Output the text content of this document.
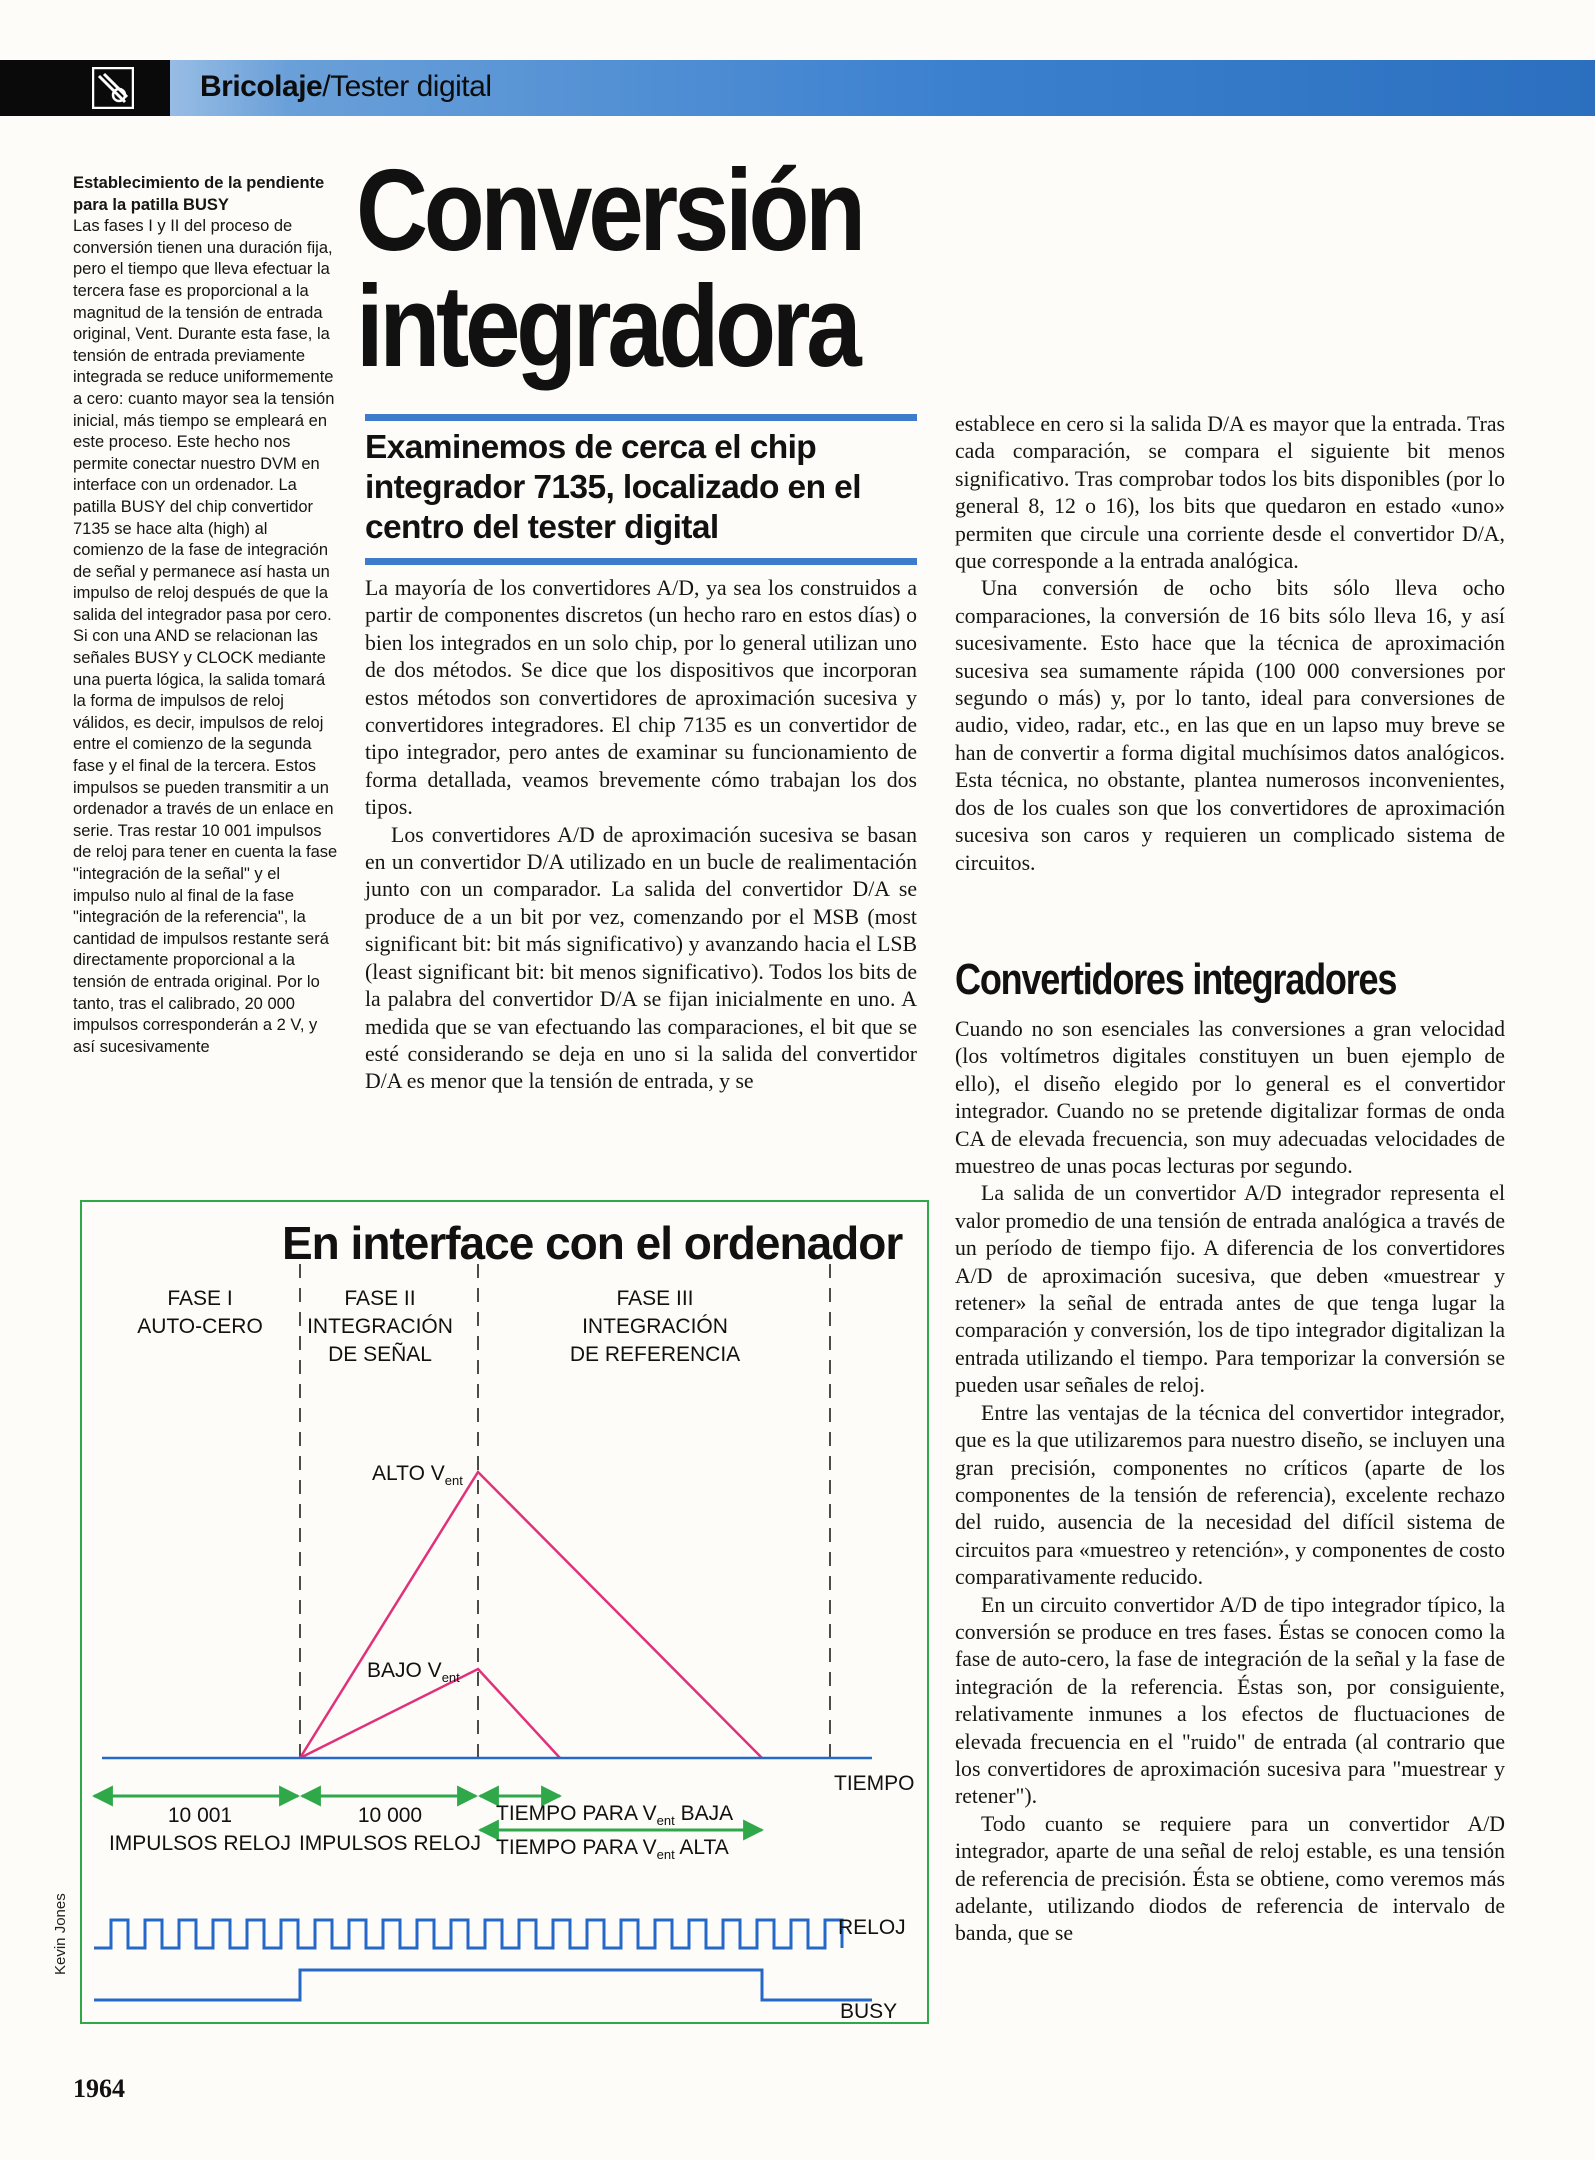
Bricolaje/Tester digital
Establecimiento de la pendiente para la patilla BUSY
Las fases I y II del proceso de conversión tienen una duración fija, pero el tiempo que lleva efectuar la tercera fase es proporcional a la magnitud de la tensión de entrada original, Vent. Durante esta fase, la tensión de entrada previamente integrada se reduce uniformemente a cero: cuanto mayor sea la tensión inicial, más tiempo se empleará en este proceso. Este hecho nos permite conectar nuestro DVM en interface con un ordenador. La patilla BUSY del chip convertidor 7135 se hace alta (high) al comienzo de la fase de integración de señal y permanece así hasta un impulso de reloj después de que la salida del integrador pasa por cero. Si con una AND se relacionan las señales BUSY y CLOCK mediante una puerta lógica, la salida tomará la forma de impulsos de reloj válidos, es decir, impulsos de reloj entre el comienzo de la segunda fase y el final de la tercera. Estos impulsos se pueden transmitir a un ordenador a través de un enlace en serie. Tras restar 10 001 impulsos de reloj para tener en cuenta la fase "integración de la señal" y el impulso nulo al final de la fase "integración de la referencia", la cantidad de impulsos restante será directamente proporcional a la tensión de entrada original. Por lo tanto, tras el calibrado, 20 000 impulsos corresponderán a 2 V, y así sucesivamente
Conversión
integradora
Examinemos de cerca el chip integrador 7135, localizado en el centro del tester digital

La mayoría de los convertidores A/D, ya sea los construidos a partir de componentes discretos (un hecho raro en estos días) o bien los integrados en un solo chip, por lo general utilizan uno de dos métodos. Se dice que los dispositivos que incorporan estos métodos son convertidores de aproximación sucesiva y convertidores integradores. El chip 7135 es un convertidor de tipo integrador, pero antes de examinar su funcionamiento de forma detallada, veamos brevemente cómo trabajan los dos tipos.

Los convertidores A/D de aproximación sucesiva se basan en un convertidor D/A utilizado en un bucle de realimentación junto con un comparador. La salida del convertidor D/A se produce de a un bit por vez, comenzando por el MSB (most significant bit: bit más significativo) y avanzando hacia el LSB (least significant bit: bit menos significativo). Todos los bits de la palabra del convertidor D/A se fijan inicialmente en uno. A medida que se van efectuando las comparaciones, el bit que se esté considerando se deja en uno si la salida del convertidor D/A es menor que la tensión de entrada, y se

establece en cero si la salida D/A es mayor que la entrada. Tras cada comparación, se compara el siguiente bit menos significativo. Tras comprobar todos los bits disponibles (por lo general 8, 12 o 16), los bits que quedaron en estado «uno» permiten que circule una corriente desde el convertidor D/A, que corresponde a la entrada analógica.

Una conversión de ocho bits sólo lleva ocho comparaciones, la conversión de 16 bits sólo lleva 16, y así sucesivamente. Esto hace que la técnica de aproximación sucesiva sea sumamente rápida (100 000 conversiones por segundo o más) y, por lo tanto, ideal para conversiones de audio, video, radar, etc., en las que en un lapso muy breve se han de convertir a forma digital muchísimos datos analógicos. Esta técnica, no obstante, plantea numerosos inconvenientes, dos de los cuales son que los convertidores de aproximación sucesiva son caros y requieren un complicado sistema de circuitos.

Convertidores integradores

Cuando no son esenciales las conversiones a gran velocidad (los voltímetros digitales constituyen un buen ejemplo de ello), el diseño elegido por lo general es el convertidor integrador. Cuando no se pretende digitalizar formas de onda CA de elevada frecuencia, son muy adecuadas velocidades de muestreo de unas pocas lecturas por segundo.

La salida de un convertidor A/D integrador representa el valor promedio de una tensión de entrada analógica a través de un período de tiempo fijo. A diferencia de los convertidores A/D de aproximación sucesiva, que deben «muestrear y retener» la señal de entrada antes de que tenga lugar la comparación y conversión, los de tipo integrador digitalizan la entrada utilizando el tiempo. Para temporizar la conversión se pueden usar señales de reloj.

Entre las ventajas de la técnica del convertidor integrador, que es la que utilizaremos para nuestro diseño, se incluyen una gran precisión, componentes no críticos (aparte de los componentes de la tensión de referencia), excelente rechazo del ruido, ausencia de la necesidad del difícil sistema de circuitos para «muestreo y retención», y componentes de costo comparativamente reducido.

En un circuito convertidor A/D de tipo integrador típico, la conversión se produce en tres fases. Éstas se conocen como la fase de auto-cero, la fase de integración de la señal y la fase de integración de la referencia. Éstas son, por consiguiente, relativamente inmunes a los efectos de fluctuaciones de elevada frecuencia en el "ruido" de entrada (al contrario que los convertidores de aproximación sucesiva para "muestrear y retener").

Todo cuanto se requiere para un convertidor A/D integrador, aparte de una señal de reloj estable, es una tensión de referencia de precisión. Ésta se obtiene, como veremos más adelante, utilizando diodos de referencia de intervalo de banda, que se

En interface con el ordenador
FASE I
AUTO-CERO
FASE II
INTEGRACIÓN
DE SEÑAL
FASE III
INTEGRACIÓN
DE REFERENCIA
ALTO $V_{ent}$
BAJO $V_{ent}$
TIEMPO
10 001
IMPULSOS RELOJ
10 000
IMPULSOS RELOJ
TIEMPO PARA $V_{ent}$ BAJA
TIEMPO PARA $V_{ent}$ ALTA
RELOJ
BUSY
Kevin Jones
1964
